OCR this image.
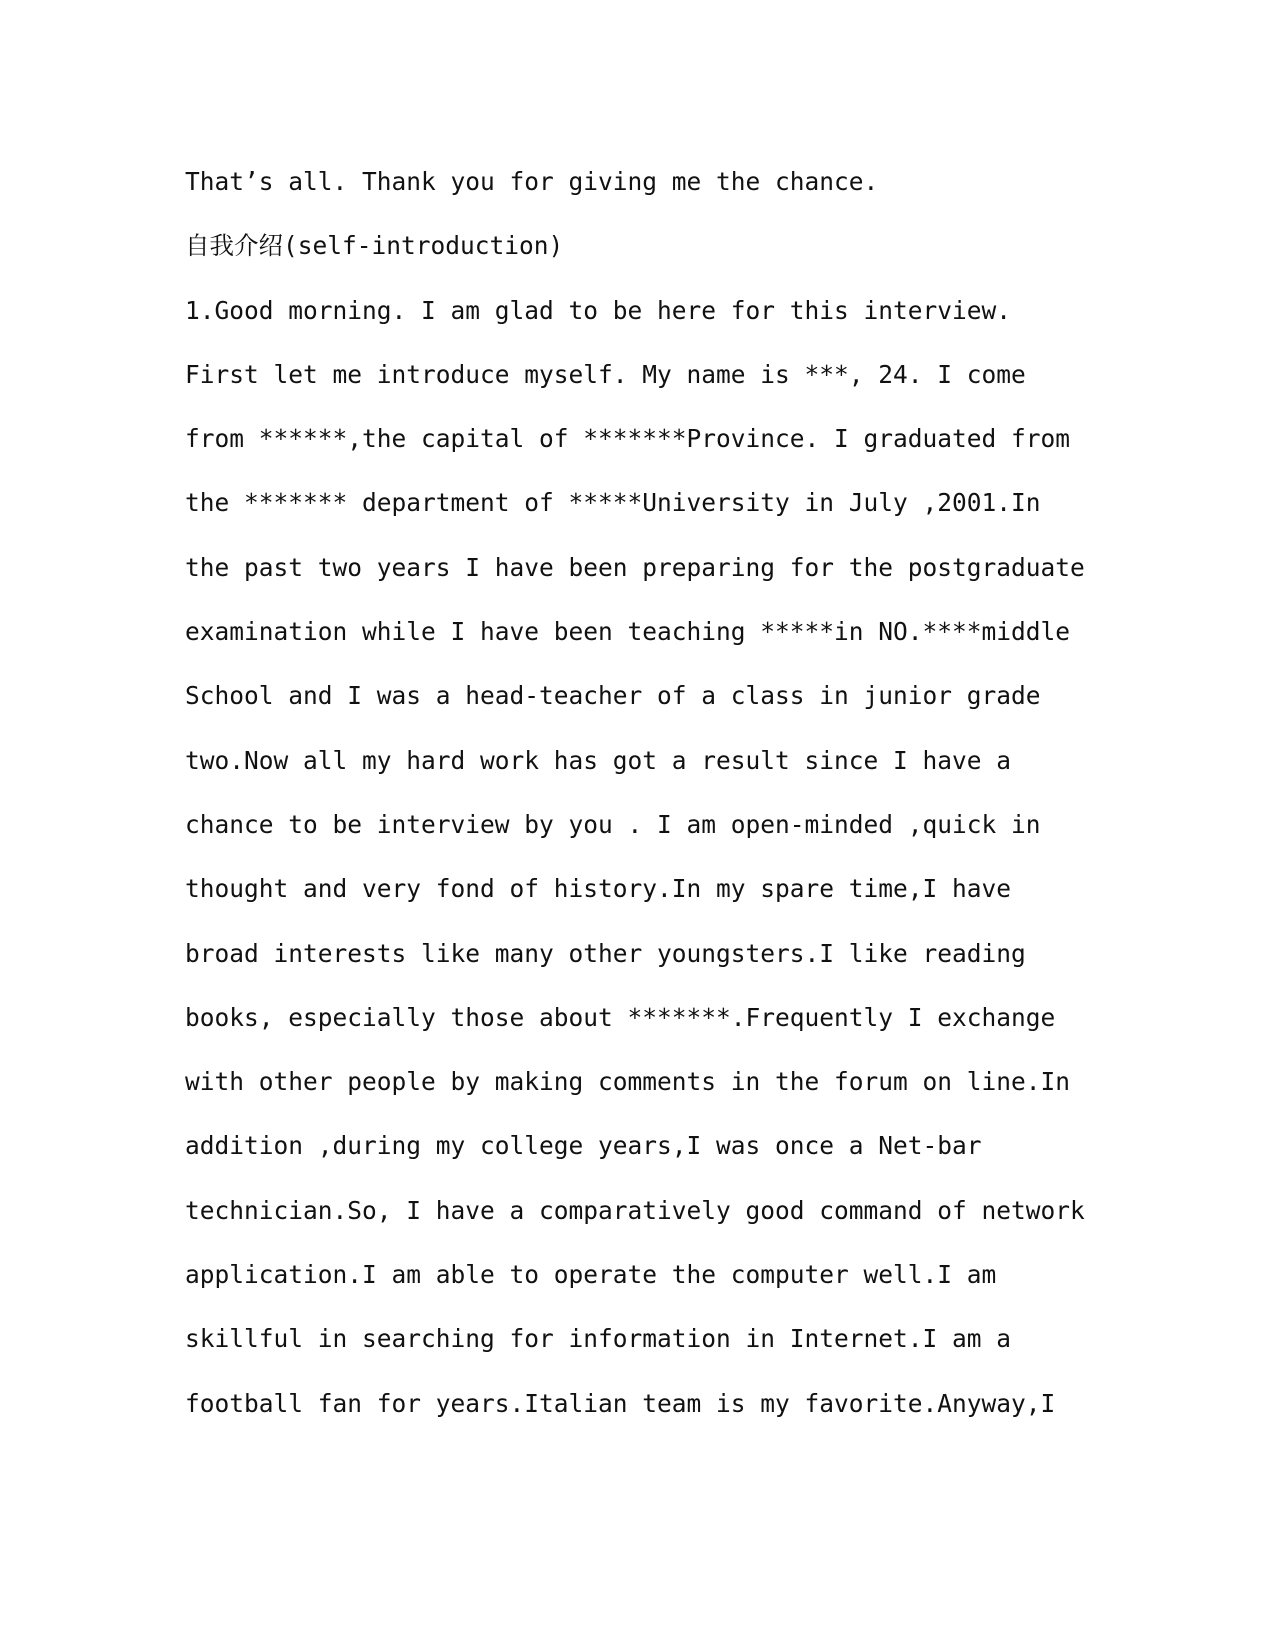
That’s all. Thank you for giving me the chance.
自我介绍(self-introduction)
1.Good morning. I am glad to be here for this interview.
First let me introduce myself. My name is ***, 24. I come
from ******,the capital of *******Province. I graduated from
the ******* department of *****University in July ,2001.In
the past two years I have been preparing for the postgraduate
examination while I have been teaching *****in NO.****middle
School and I was a head-teacher of a class in junior grade
two.Now all my hard work has got a result since I have a
chance to be interview by you . I am open-minded ,quick in
thought and very fond of history.In my spare time,I have
broad interests like many other youngsters.I like reading
books, especially those about *******.Frequently I exchange
with other people by making comments in the forum on line.In
addition ,during my college years,I was once a Net-bar
technician.So, I have a comparatively good command of network
application.I am able to operate the computer well.I am
skillful in searching for information in Internet.I am a
football fan for years.Italian team is my favorite.Anyway,I
